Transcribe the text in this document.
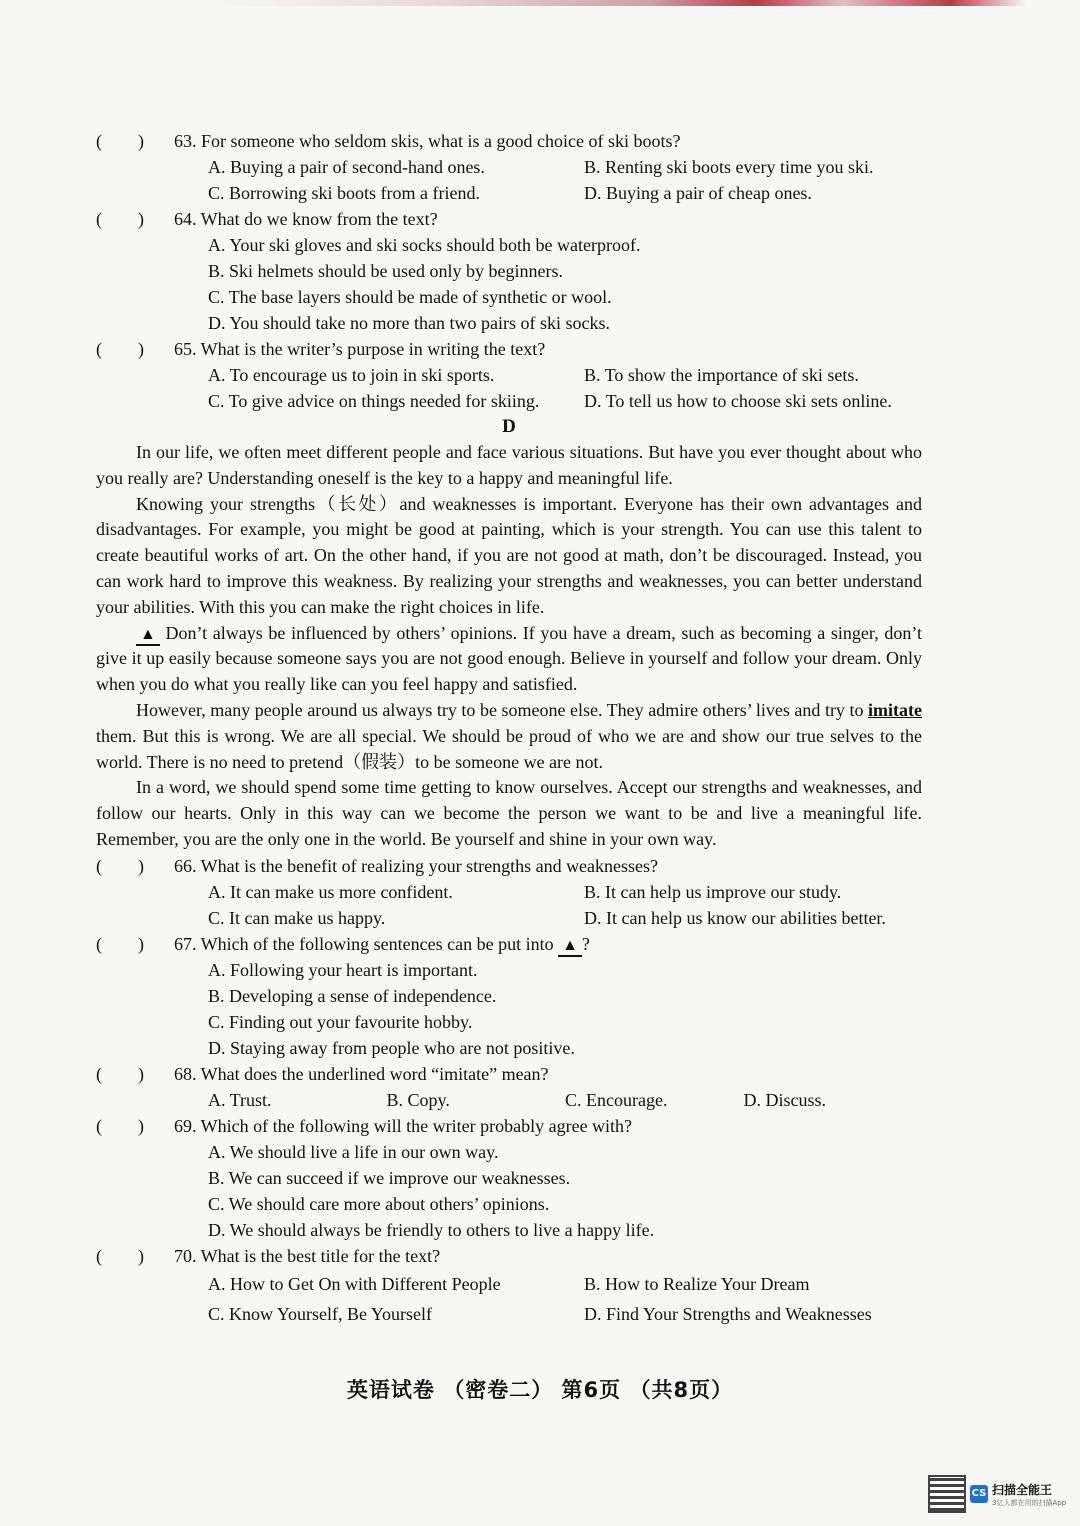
(        )	63. For someone who seldom skis, what is a good choice of ski boots?
A. Buying a pair of second-hand ones.	B. Renting ski boots every time you ski.
C. Borrowing ski boots from a friend.	D. Buying a pair of cheap ones.
(        )	64. What do we know from the text?
A. Your ski gloves and ski socks should both be waterproof.
B. Ski helmets should be used only by beginners.
C. The base layers should be made of synthetic or wool.
D. You should take no more than two pairs of ski socks.
(        )	65. What is the writer’s purpose in writing the text?
A. To encourage us to join in ski sports.	B. To show the importance of ski sets.
C. To give advice on things needed for skiing.	D. To tell us how to choose ski sets online.
D

In our life, we often meet different people and face various situations. But have you ever thought about who you really are? Understanding oneself is the key to a happy and meaningful life.

Knowing your strengths（长处）and weaknesses is important. Everyone has their own advantages and disadvantages. For example, you might be good at painting, which is your strength. You can use this talent to create beautiful works of art. On the other hand, if you are not good at math, don’t be discouraged. Instead, you can work hard to improve this weakness. By realizing your strengths and weaknesses, you can better understand your abilities. With this you can make the right choices in life.

▲ Don’t always be influenced by others’ opinions. If you have a dream, such as becoming a singer, don’t give it up easily because someone says you are not good enough. Believe in yourself and follow your dream. Only when you do what you really like can you feel happy and satisfied.

However, many people around us always try to be someone else. They admire others’ lives and try to imitate them. But this is wrong. We are all special. We should be proud of who we are and show our true selves to the world. There is no need to pretend（假装）to be someone we are not.

In a word, we should spend some time getting to know ourselves. Accept our strengths and weaknesses, and follow our hearts. Only in this way can we become the person we want to be and live a meaningful life. Remember, you are the only one in the world. Be yourself and shine in your own way.

(        )	66. What is the benefit of realizing your strengths and weaknesses?
A. It can make us more confident.	B. It can help us improve our study.
C. It can make us happy.	D. It can help us know our abilities better.
(        )	67. Which of the following sentences can be put into ▲ ?
A. Following your heart is important.
B. Developing a sense of independence.
C. Finding out your favourite hobby.
D. Staying away from people who are not positive.
(        )	68. What does the underlined word “imitate” mean?
A. Trust.	B. Copy.	C. Encourage.	D. Discuss.
(        )	69. Which of the following will the writer probably agree with?
A. We should live a life in our own way.
B. We can succeed if we improve our weaknesses.
C. We should care more about others’ opinions.
D. We should always be friendly to others to live a happy life.
(        )	70. What is the best title for the text?
A. How to Get On with Different People	B. How to Realize Your Dream
C. Know Yourself, Be Yourself	D. Find Your Strengths and Weaknesses
英语试卷 （密卷二） 第6页 （共8页）
CS 扫描全能王
3亿人都在用的扫描App
